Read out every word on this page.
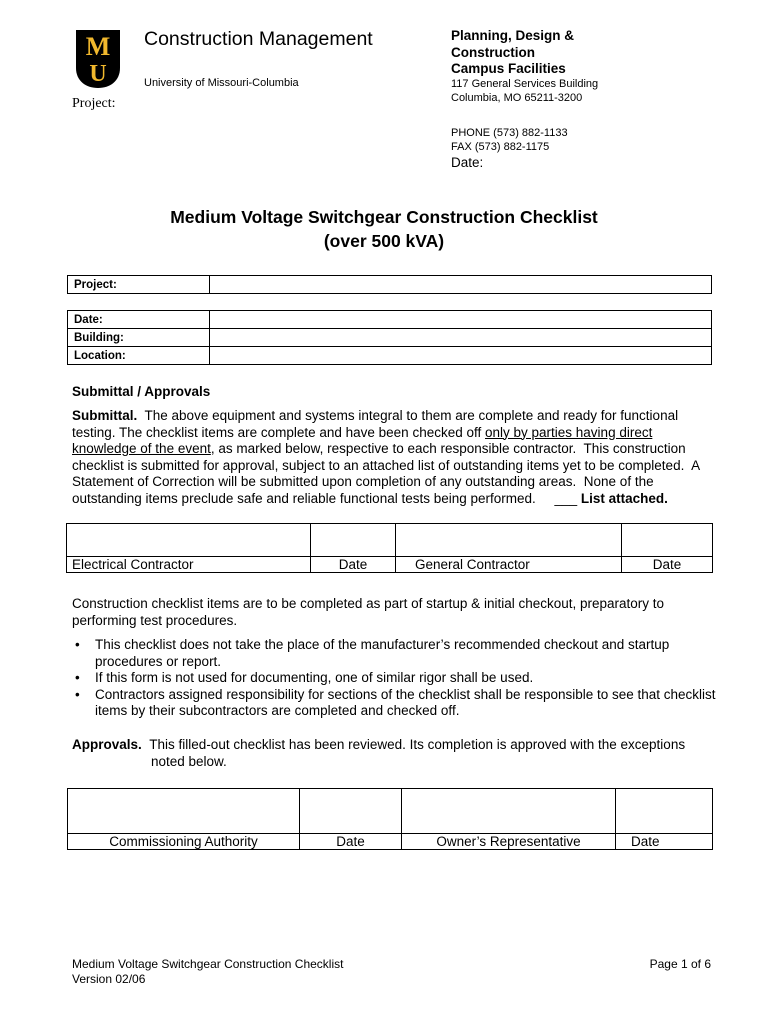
M
U
Project:
Construction Management
University of Missouri-Columbia
Planning, Design &
Construction
Campus Facilities
117 General Services Building
Columbia, MO 65211-3200
PHONE (573) 882-1133
FAX (573) 882-1175
Date:
Medium Voltage Switchgear Construction Checklist
(over 500 kVA)
Project:	
Date:	
Building:	
Location:	
Submittal / Approvals
Submittal. The above equipment and systems integral to them are complete and ready for functional testing. The checklist items are complete and have been checked off only by parties having direct knowledge of the event, as marked below, respective to each responsible contractor.  This construction checklist is submitted for approval, subject to an attached list of outstanding items yet to be completed.  A Statement of Correction will be submitted upon completion of any outstanding areas.  None of the outstanding items preclude safe and reliable functional tests being performed.     ___ List attached.

Electrical Contractor	Date	General Contractor	Date
Construction checklist items are to be completed as part of startup & initial checkout, preparatory to performing test procedures.
• This checklist does not take the place of the manufacturer’s recommended checkout and startup procedures or report.
• If this form is not used for documenting, one of similar rigor shall be used.
• Contractors assigned responsibility for sections of the checklist shall be responsible to see that checklist items by their subcontractors are completed and checked off.
Approvals. This filled-out checklist has been reviewed. Its completion is approved with the exceptions
noted below.

Commissioning Authority	Date	Owner’s Representative	Date
Medium Voltage Switchgear Construction Checklist
Version 02/06
Page 1 of 6
